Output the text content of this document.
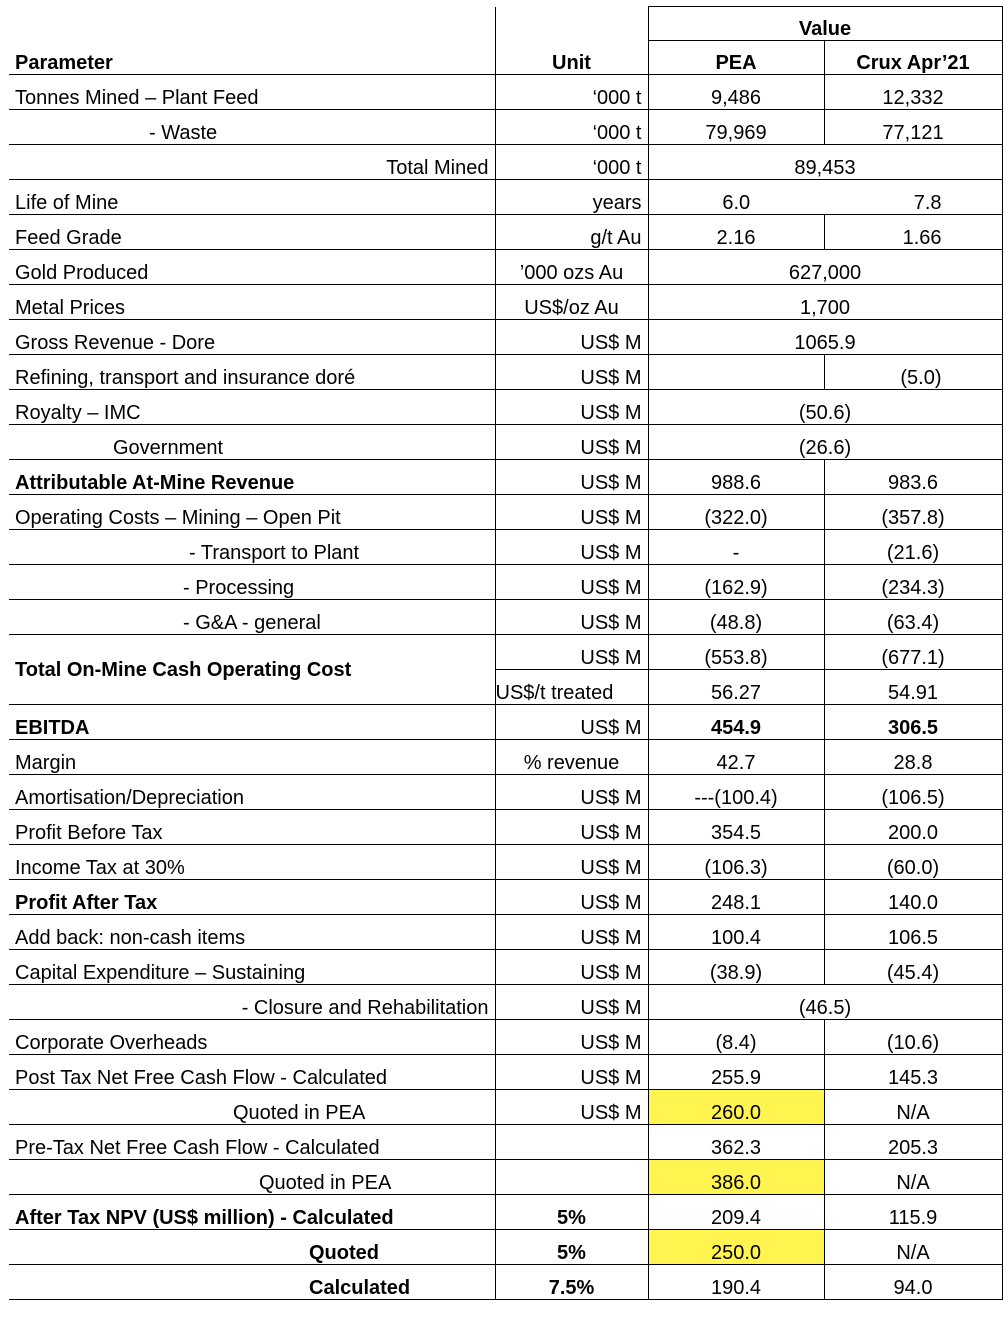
		Value	
Parameter	Unit	PEA	Crux Apr’21
Tonnes Mined – Plant Feed	‘000 t	9,486	12,332
- Waste	‘000 t	79,969	77,121
Total Mined	‘000 t	89,453	
Life of Mine	years	6.0	7.8
Feed Grade	g/t Au	2.16	1.66
Gold Produced	’000 ozs Au	627,000	
Metal Prices	US$/oz Au	1,700	
Gross Revenue - Dore	US$ M	1065.9	
Refining, transport and insurance doré	US$ M		(5.0)
Royalty – IMC	US$ M	(50.6)	
Government	US$ M	(26.6)	
Attributable At-Mine Revenue	US$ M	988.6	983.6
Operating Costs – Mining – Open Pit	US$ M	(322.0)	(357.8)
- Transport to Plant	US$ M	-	(21.6)
- Processing	US$ M	(162.9)	(234.3)
- G&A - general	US$ M	(48.8)	(63.4)
Total On-Mine Cash Operating Cost	US$ M	(553.8)	(677.1)
	US$/t treated	56.27	54.91
EBITDA	US$ M	454.9	306.5
Margin	% revenue	42.7	28.8
Amortisation/Depreciation	US$ M	---(100.4)	(106.5)
Profit Before Tax	US$ M	354.5	200.0
Income Tax at 30%	US$ M	(106.3)	(60.0)
Profit After Tax	US$ M	248.1	140.0
Add back: non-cash items	US$ M	100.4	106.5
Capital Expenditure – Sustaining	US$ M	(38.9)	(45.4)
- Closure and Rehabilitation	US$ M	(46.5)	
Corporate Overheads	US$ M	(8.4)	(10.6)
Post Tax Net Free Cash Flow - Calculated	US$ M	255.9	145.3
Quoted in PEA	US$ M	260.0	N/A
Pre-Tax Net Free Cash Flow - Calculated		362.3	205.3
Quoted in PEA		386.0	N/A
After Tax NPV (US$ million) - Calculated	5%	209.4	115.9
Quoted	5%	250.0	N/A
Calculated	7.5%	190.4	94.0
